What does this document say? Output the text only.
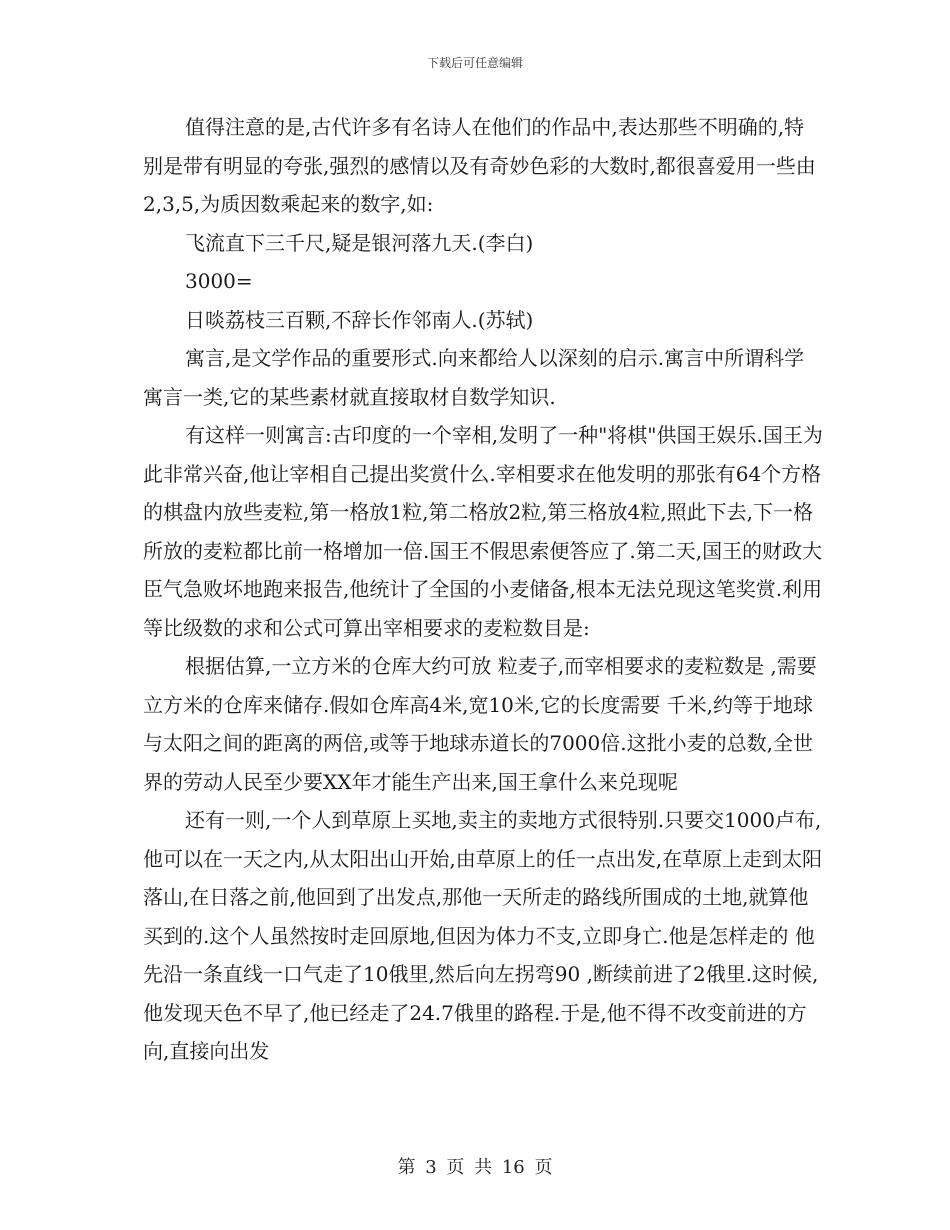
下载后可任意编辑

值得注意的是,古代许多有名诗人在他们的作品中,表达那些不明确的,特别是带有明显的夸张,强烈的感情以及有奇妙色彩的大数时,都很喜爱用一些由2,3,5,为质因数乘起来的数字,如:

飞流直下三千尺,疑是银河落九天.(李白)

3000=

日啖荔枝三百颗,不辞长作邻南人.(苏轼)

寓言,是文学作品的重要形式.向来都给人以深刻的启示.寓言中所谓科学寓言一类,它的某些素材就直接取材自数学知识.

有这样一则寓言:古印度的一个宰相,发明了一种"将棋"供国王娱乐.国王为此非常兴奋,他让宰相自己提出奖赏什么.宰相要求在他发明的那张有64个方格的棋盘内放些麦粒,第一格放1粒,第二格放2粒,第三格放4粒,照此下去,下一格所放的麦粒都比前一格增加一倍.国王不假思索便答应了.第二天,国王的财政大臣气急败坏地跑来报告,他统计了全国的小麦储备,根本无法兑现这笔奖赏.利用等比级数的求和公式可算出宰相要求的麦粒数目是:

根据估算,一立方米的仓库大约可放 粒麦子,而宰相要求的麦粒数是 ,需要 立方米的仓库来储存.假如仓库高4米,宽10米,它的长度需要 千米,约等于地球与太阳之间的距离的两倍,或等于地球赤道长的7000倍.这批小麦的总数,全世界的劳动人民至少要XX年才能生产出来,国王拿什么来兑现呢

还有一则,一个人到草原上买地,卖主的卖地方式很特别.只要交1000卢布,他可以在一天之内,从太阳出山开始,由草原上的任一点出发,在草原上走到太阳落山,在日落之前,他回到了出发点,那他一天所走的路线所围成的土地,就算他买到的.这个人虽然按时走回原地,但因为体力不支,立即身亡.他是怎样走的 他先沿一条直线一口气走了10俄里,然后向左拐弯90 ,断续前进了2俄里.这时候,他发现天色不早了,他已经走了24.7俄里的路程.于是,他不得不改变前进的方向,直接向出发

第 3 页 共 16 页
